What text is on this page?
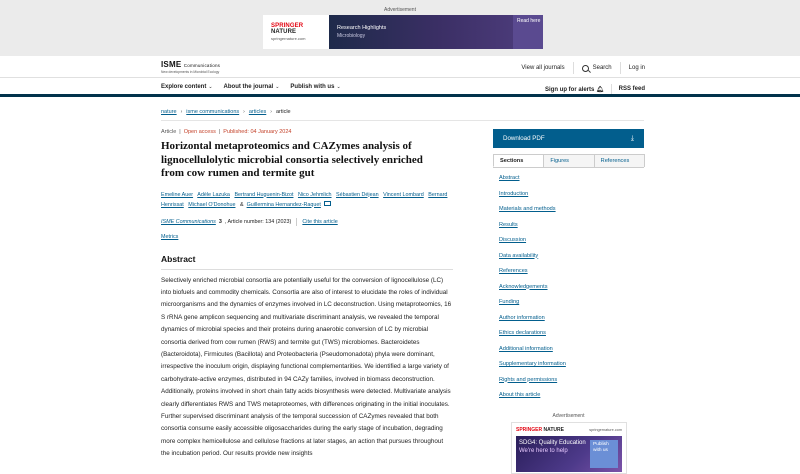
Advertisement
SPRINGER NATURE
springernature.com
Research Highlights
Microbiology
Read here
ISME Communications
New developments in Microbial Ecology
View all journals	Search	Log in
Explore content ⌄ About the journal ⌄ Publish with us ⌄	Sign up for alerts 🔔︎	RSS feed
nature › isme communications › articles › article
Article | Open access | Published: 04 January 2024
Horizontal metaproteomics and CAZymes analysis of lignocellulolytic microbial consortia selectively enriched from cow rumen and termite gut
Emeline Auer Adèle Lazuka Bertrand Huguenin-Bizot Nico Jehmlich Sébastien Déjean Vincent Lombard Bernard Henrissat Michael O'Donohue & Guillermina Hernandez-Raquet
ISME Communications 3 , Article number: 134 (2023) Cite this article
Metrics
Abstract
Selectively enriched microbial consortia are potentially useful for the conversion of lignocellulose (LC) into biofuels and commodity chemicals. Consortia are also of interest to elucidate the roles of individual microorganisms and the dynamics of enzymes involved in LC deconstruction. Using metaproteomics, 16 S rRNA gene amplicon sequencing and multivariate discriminant analysis, we revealed the temporal dynamics of microbial species and their proteins during anaerobic conversion of LC by microbial consortia derived from cow rumen (RWS) and termite gut (TWS) microbiomes. Bacteroidetes (Bacteroidota), Firmicutes (Bacillota) and Proteobacteria (Pseudomonadota) phyla were dominant, irrespective the inoculum origin, displaying functional complementarities. We identified a large variety of carbohydrate-active enzymes, distributed in 94 CAZy families, involved in biomass deconstruction. Additionally, proteins involved in short chain fatty acids biosynthesis were detected. Multivariate analysis clearly differentiates RWS and TWS metaproteomes, with differences originating in the initial inoculates. Further supervised discriminant analysis of the temporal succession of CAZymes revealed that both consortia consume easily accessible oligosaccharides during the early stage of incubation, degrading more complex hemicellulose and cellulose fractions at later stages, an action that pursues throughout the incubation period. Our results provide new insights
Download PDF	⤓
Sections	Figures	References
Abstract
Introduction
Materials and methods
Results
Discussion
Data availability
References
Acknowledgements
Funding
Author information
Ethics declarations
Additional information
Supplementary information
Rights and permissions
About this article
Advertisement
SPRINGER NATURE	springernature.com
SDG4: Quality Education
We're here to help
Publish with us
